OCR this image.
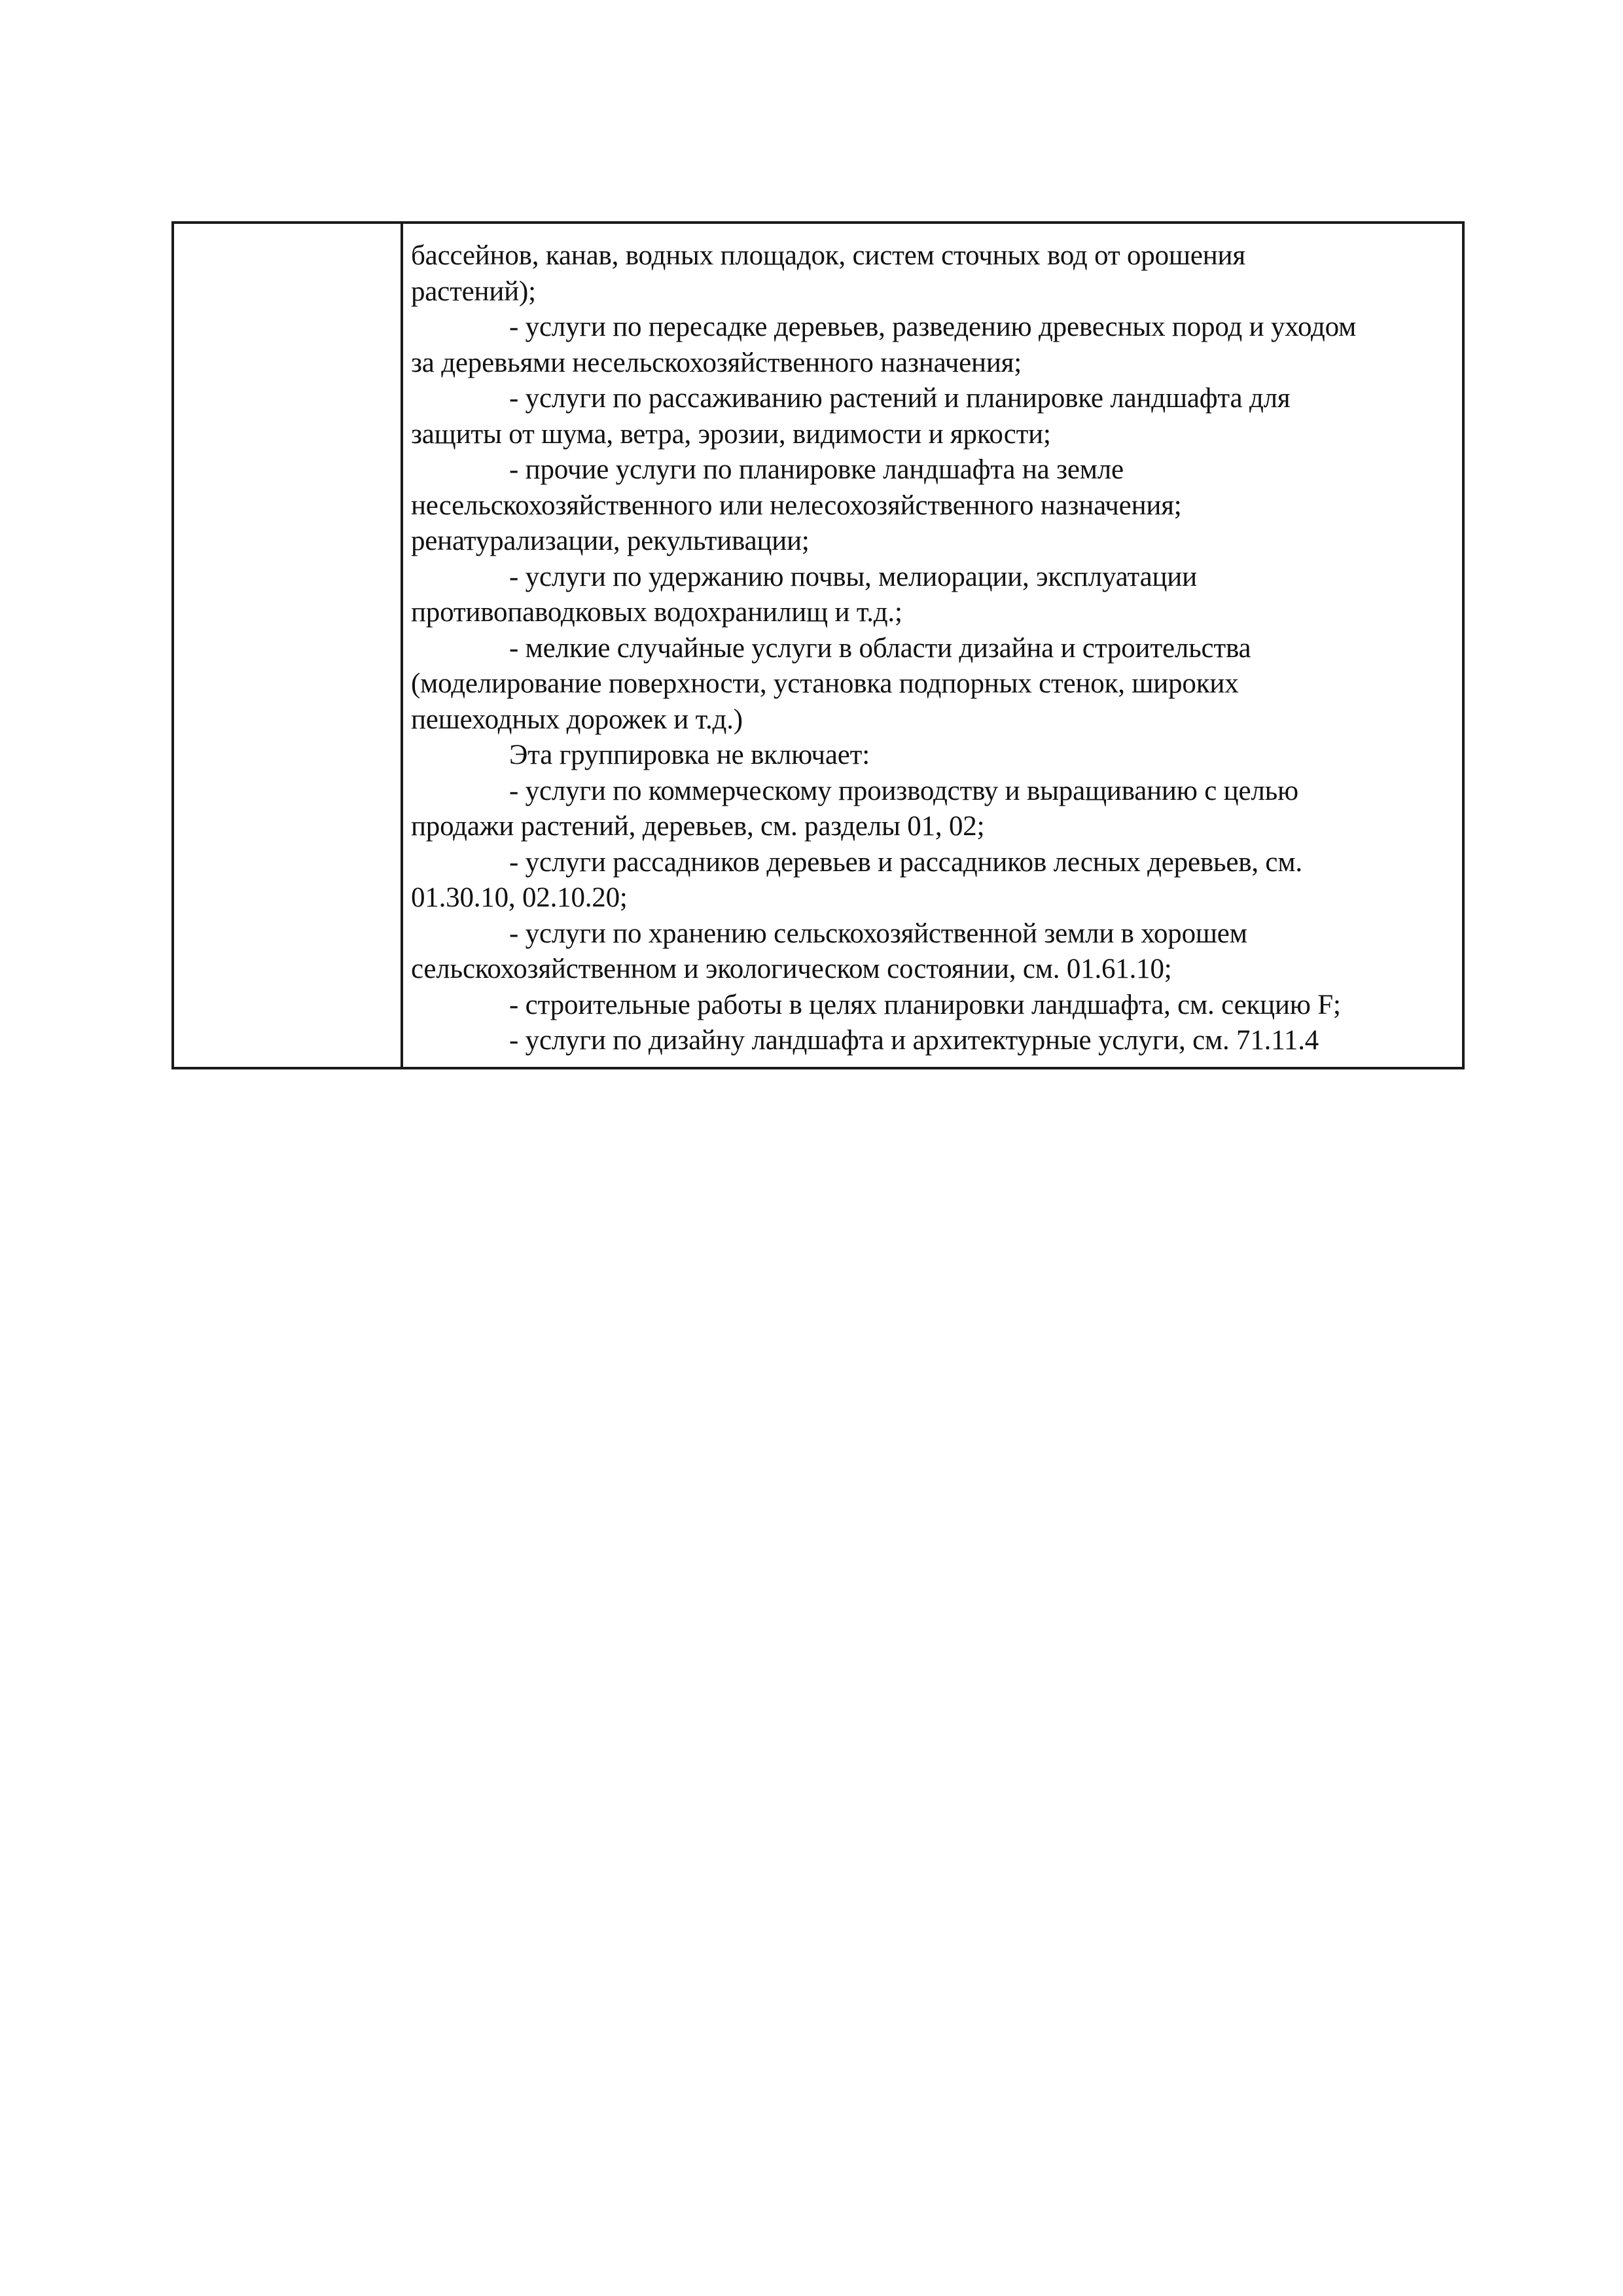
бассейнов, канав, водных площадок, систем сточных вод от орошения
растений);
- услуги по пересадке деревьев, разведению древесных пород и уходом
за деревьями несельскохозяйственного назначения;
- услуги по рассаживанию растений и планировке ландшафта для
защиты от шума, ветра, эрозии, видимости и яркости;
- прочие услуги по планировке ландшафта на земле
несельскохозяйственного или нелесохозяйственного назначения;
ренатурализации, рекультивации;
- услуги по удержанию почвы, мелиорации, эксплуатации
противопаводковых водохранилищ и т.д.;
- мелкие случайные услуги в области дизайна и строительства
(моделирование поверхности, установка подпорных стенок, широких
пешеходных дорожек и т.д.)
Эта группировка не включает:
- услуги по коммерческому производству и выращиванию с целью
продажи растений, деревьев, см. разделы 01, 02;
- услуги рассадников деревьев и рассадников лесных деревьев, см.
01.30.10, 02.10.20;
- услуги по хранению сельскохозяйственной земли в хорошем
сельскохозяйственном и экологическом состоянии, см. 01.61.10;
- строительные работы в целях планировки ландшафта, см. секцию F;
- услуги по дизайну ландшафта и архитектурные услуги, см. 71.11.4
